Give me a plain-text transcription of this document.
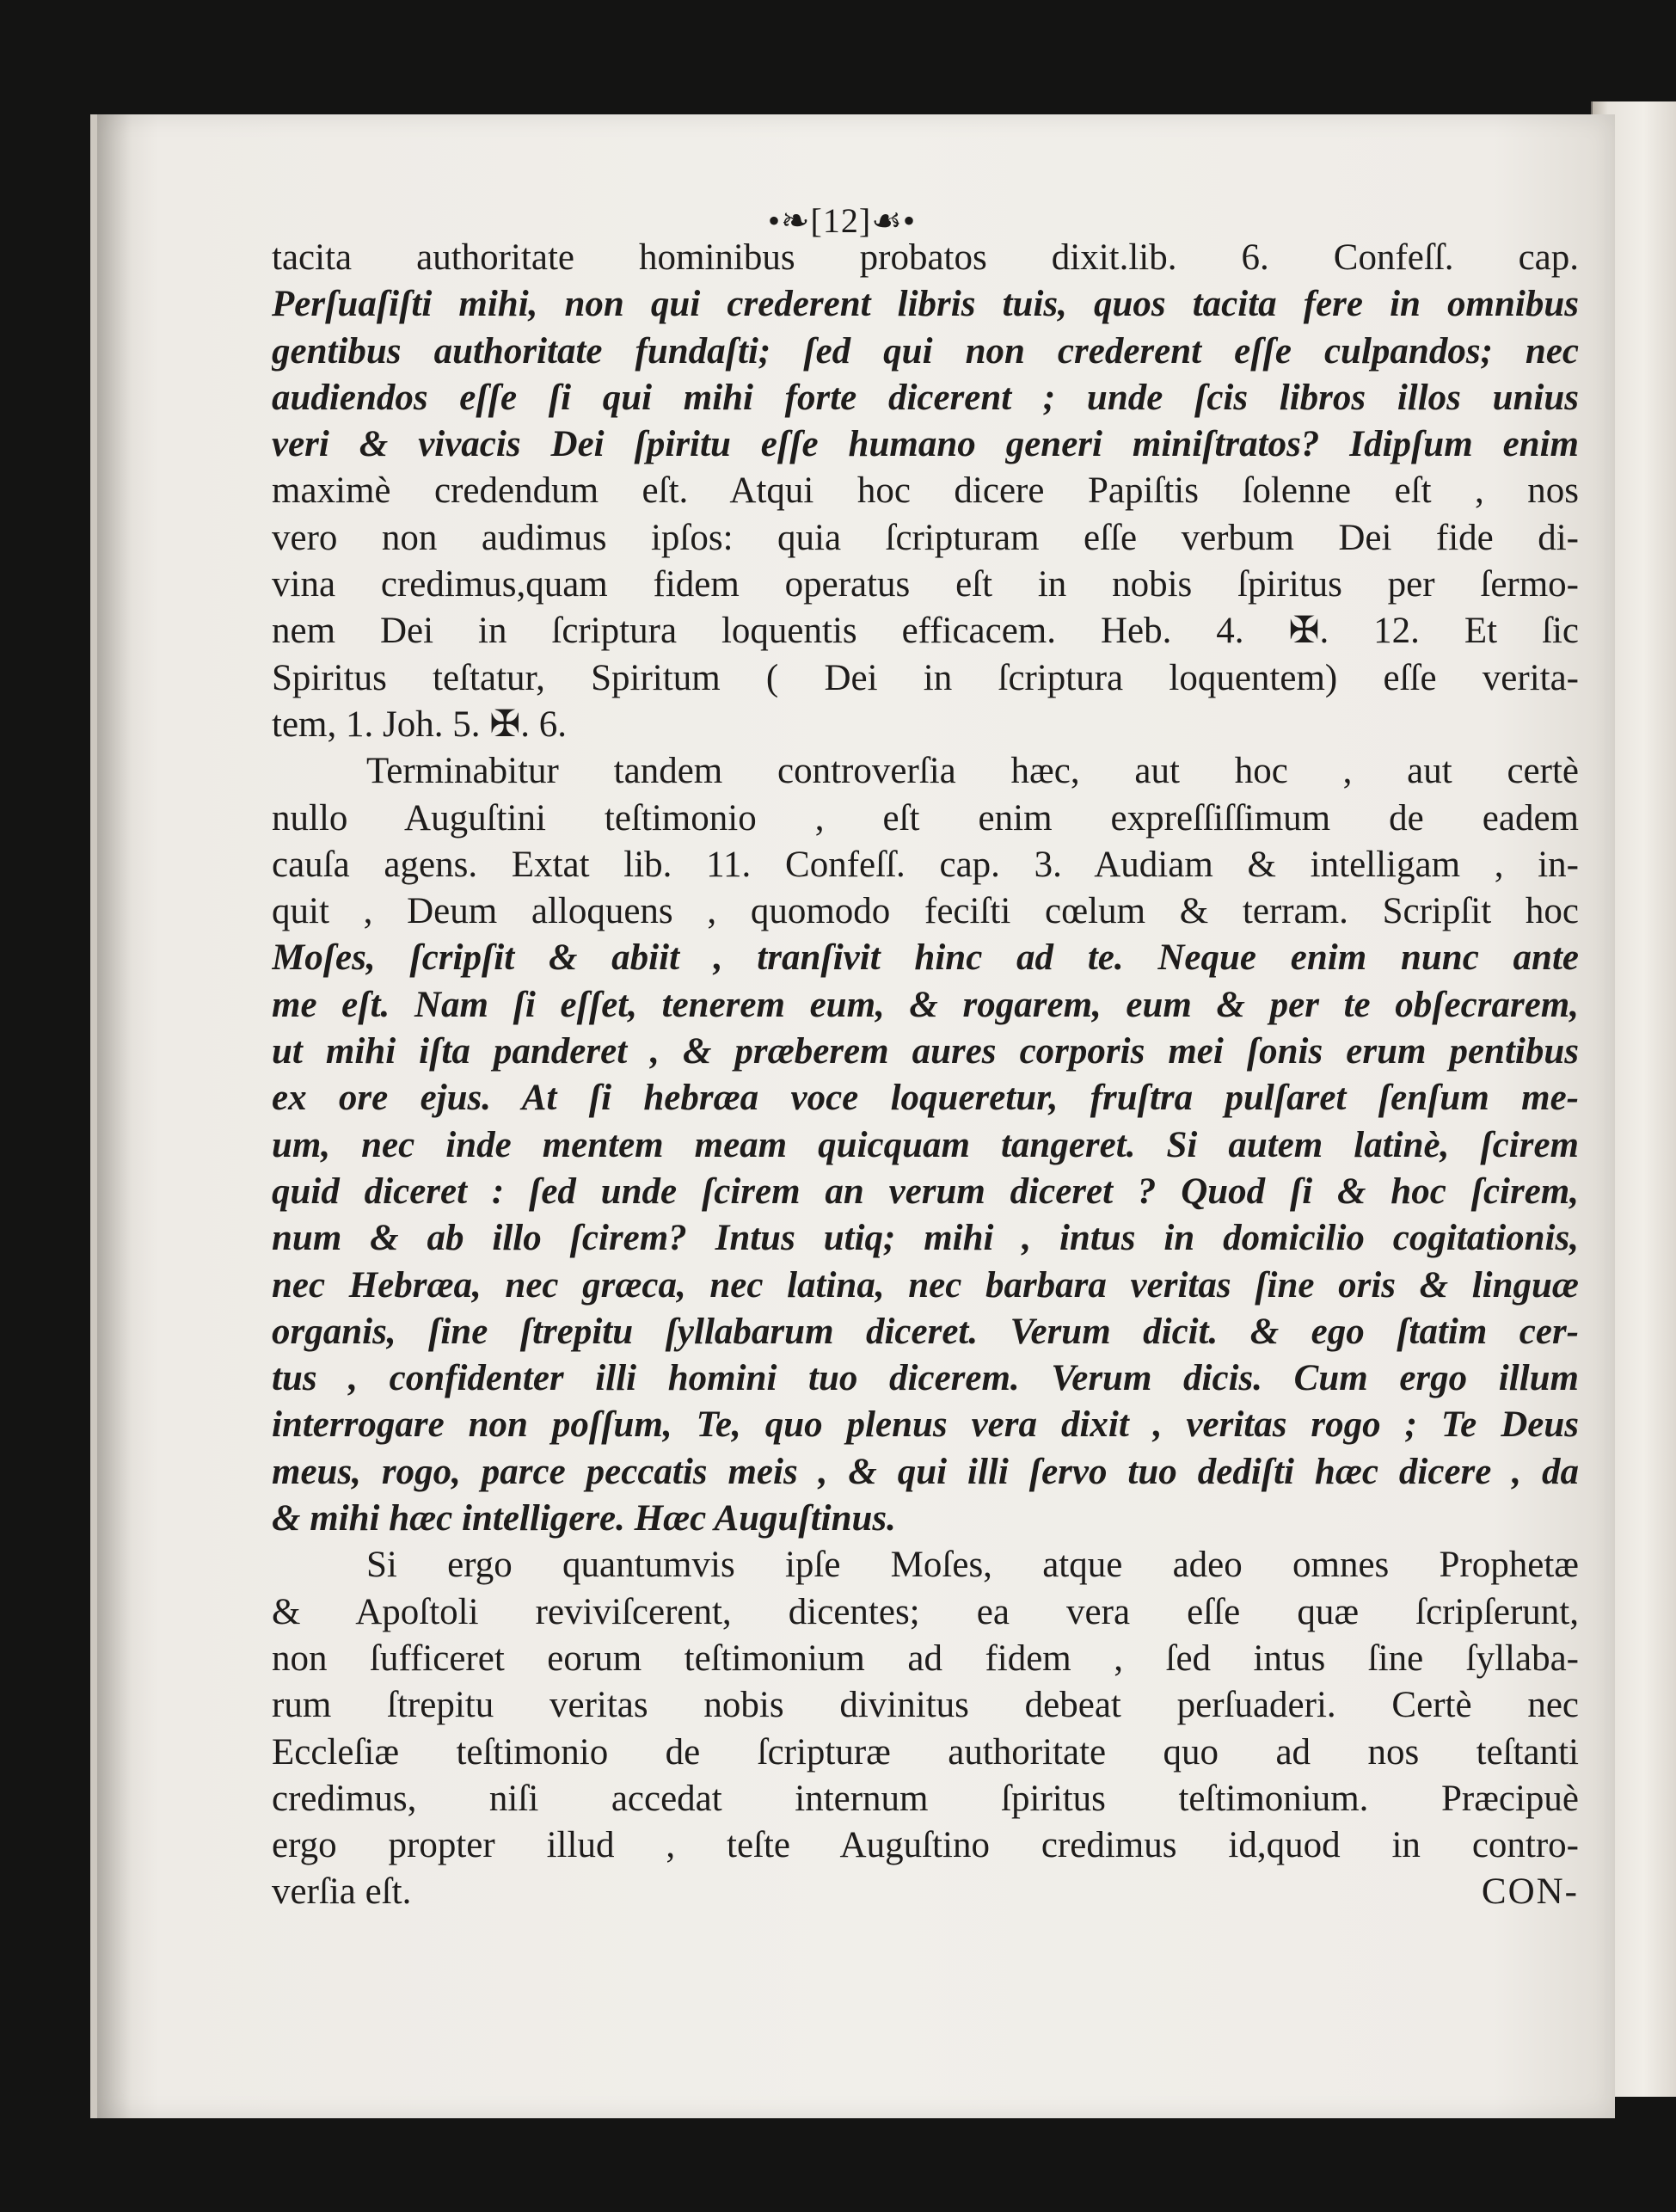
•❧[12]☙•
tacita authoritate hominibus probatos dixit.lib. 6. Confeſſ. cap.
Perſuaſiſti mihi, non qui crederent libris tuis, quos tacita fere in omnibus
gentibus authoritate fundaſti; ſed qui non crederent eſſe culpandos; nec
audiendos eſſe ſi qui mihi forte dicerent ; unde ſcis libros illos unius
veri & vivacis Dei ſpiritu eſſe humano generi miniſtratos? Idipſum enim
maximè credendum eſt. Atqui hoc dicere Papiſtis ſolenne eſt , nos
vero non audimus ipſos: quia ſcripturam eſſe verbum Dei fide di-
vina credimus,quam fidem operatus eſt in nobis ſpiritus per ſermo-
nem Dei in ſcriptura loquentis efficacem. Heb. 4. ✠. 12. Et ſic
Spiritus teſtatur, Spiritum ( Dei in ſcriptura loquentem) eſſe verita-
tem, 1. Joh. 5. ✠. 6.
Terminabitur tandem controverſia hæc, aut hoc , aut certè
nullo Auguſtini teſtimonio , eſt enim expreſſiſſimum de eadem
cauſa agens. Extat lib. 11. Confeſſ. cap. 3. Audiam & intelligam , in-
quit , Deum alloquens , quomodo feciſti cœlum & terram. Scripſit hoc
Moſes, ſcripſit & abiit , tranſivit hinc ad te. Neque enim nunc ante
me eſt. Nam ſi eſſet, tenerem eum, & rogarem, eum & per te obſecrarem,
ut mihi iſta panderet , & præberem aures corporis mei ſonis erum pentibus
ex ore ejus. At ſi hebræa voce loqueretur, fruſtra pulſaret ſenſum me-
um, nec inde mentem meam quicquam tangeret. Si autem latinè, ſcirem
quid diceret : ſed unde ſcirem an verum diceret ? Quod ſi & hoc ſcirem,
num & ab illo ſcirem? Intus utiq; mihi , intus in domicilio cogitationis,
nec Hebræa, nec græca, nec latina, nec barbara veritas ſine oris & linguæ
organis, ſine ſtrepitu ſyllabarum diceret. Verum dicit. & ego ſtatim cer-
tus , confidenter illi homini tuo dicerem. Verum dicis. Cum ergo illum
interrogare non poſſum, Te, quo plenus vera dixit , veritas rogo ; Te Deus
meus, rogo, parce peccatis meis , & qui illi ſervo tuo dediſti hæc dicere , da
& mihi hæc intelligere. Hæc Auguſtinus.
Si ergo quantumvis ipſe Moſes, atque adeo omnes Prophetæ
& Apoſtoli reviviſcerent, dicentes; ea vera eſſe quæ ſcripſerunt,
non ſufficeret eorum teſtimonium ad fidem , ſed intus ſine ſyllaba-
rum ſtrepitu veritas nobis divinitus debeat perſuaderi. Certè nec
Eccleſiæ teſtimonio de ſcripturæ authoritate quo ad nos teſtanti
credimus, niſi accedat internum ſpiritus teſtimonium. Præcipuè
ergo propter illud , teſte Auguſtino credimus id,quod in contro-
verſia eſt.	CON-
